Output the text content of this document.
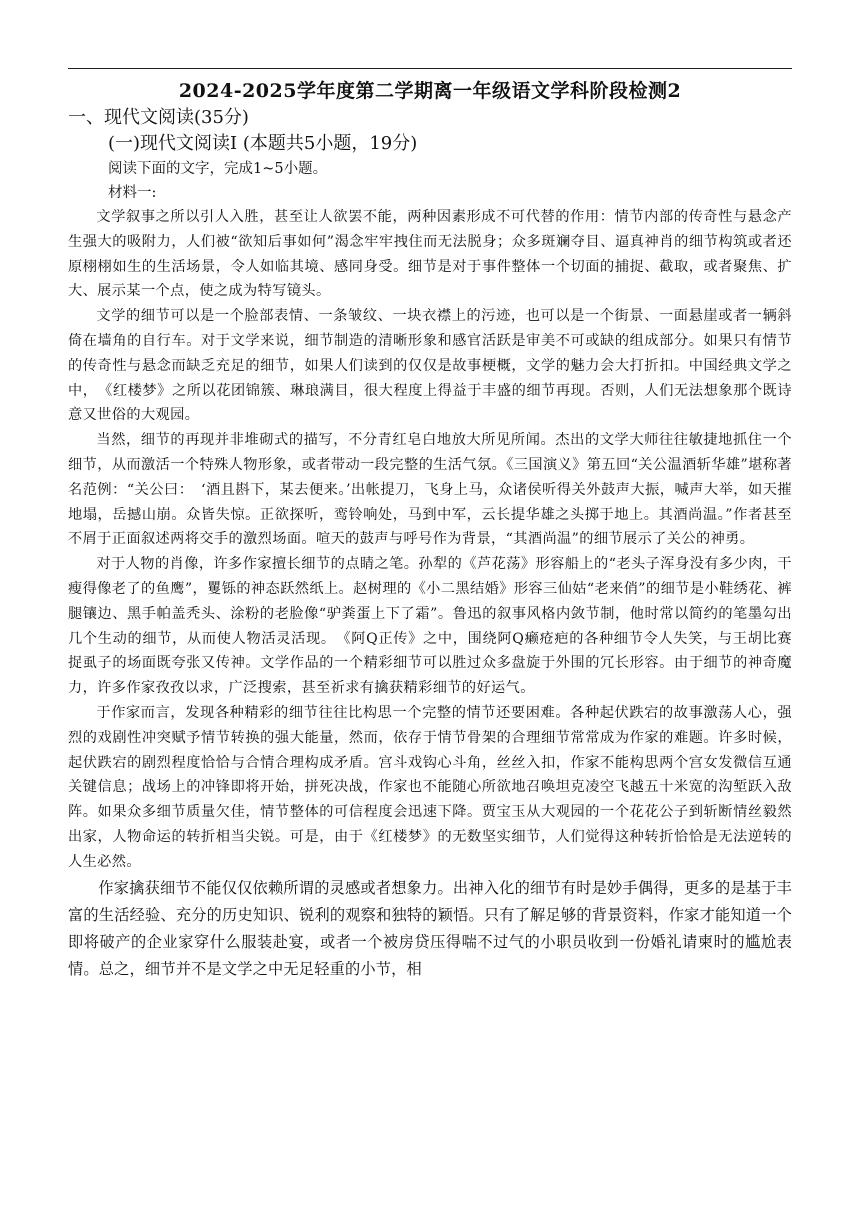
2024-2025学年度第二学期离一年级语文学科阶段检测2

一、现代文阅读(35分)

(一)现代文阅读Ⅰ (本题共5小题，19分)

阅读下面的文字，完成1~5小题。

材料一:

文学叙事之所以引人入胜，甚至让人欲罢不能，两种因素形成不可代替的作用：情节内部的传奇性与悬念产生强大的吸附力，人们被“欲知后事如何”渴念牢牢拽住而无法脱身；众多斑斓夺目、逼真神肖的细节构筑或者还原栩栩如生的生活场景，令人如临其境、感同身受。细节是对于事件整体一个切面的捕捉、截取，或者聚焦、扩大、展示某一个点，使之成为特写镜头。

文学的细节可以是一个脸部表情、一条皱纹、一块衣襟上的污迹，也可以是一个街景、一面悬崖或者一辆斜倚在墙角的自行车。对于文学来说，细节制造的清晰形象和感官活跃是审美不可或缺的组成部分。如果只有情节的传奇性与悬念而缺乏充足的细节，如果人们读到的仅仅是故事梗概，文学的魅力会大打折扣。中国经典文学之中，　《红楼梦》之所以花团锦簇、琳琅满目，很大程度上得益于丰盛的细节再现。否则，人们无法想象那个既诗意又世俗的大观园。

当然，细节的再现并非堆砌式的描写，不分青红皂白地放大所见所闻。杰出的文学大师往往敏捷地抓住一个细节，从而激活一个特殊人物形象，或者带动一段完整的生活气氛。《三国演义》第五回“关公温酒斩华雄”堪称著名范例：“关公曰：　‘酒且斟下，某去便来。’出帐提刀，飞身上马，众诸侯听得关外鼓声大振，喊声大举，如天摧地塌，岳撼山崩。众皆失惊。正欲探听，鸾铃响处，马到中军，云长提华雄之头掷于地上。其酒尚温。”作者甚至不屑于正面叙述两将交手的激烈场面。喧天的鼓声与呼号作为背景，“其酒尚温”的细节展示了关公的神勇。

对于人物的肖像，许多作家擅长细节的点睛之笔。孙犁的《芦花荡》形容船上的“老头子浑身没有多少肉，干瘦得像老了的鱼鹰”，矍铄的神态跃然纸上。赵树理的《小二黑结婚》形容三仙姑“老来俏”的细节是小鞋绣花、裤腿镶边、黑手帕盖秃头、涂粉的老脸像“驴粪蛋上下了霜”。鲁迅的叙事风格内敛节制，他时常以简约的笔墨勾出几个生动的细节，从而使人物活灵活现。　《阿Q正传》之中，围绕阿Q癞疮疤的各种细节令人失笑，与王胡比赛捉虱子的场面既夸张又传神。文学作品的一个精彩细节可以胜过众多盘旋于外围的冗长形容。由于细节的神奇魔力，许多作家孜孜以求，广泛搜索，甚至祈求有擒获精彩细节的好运气。

于作家而言，发现各种精彩的细节往往比构思一个完整的情节还要困难。各种起伏跌宕的故事激荡人心，强烈的戏剧性冲突赋予情节转换的强大能量，然而，依存于情节骨架的合理细节常常成为作家的难题。许多时候，起伏跌宕的剧烈程度恰恰与合情合理构成矛盾。宫斗戏钩心斗角，丝丝入扣，作家不能构思两个宫女发微信互通关键信息；战场上的冲锋即将开始，拼死决战，作家也不能随心所欲地召唤坦克凌空飞越五十米宽的沟堑跃入敌阵。如果众多细节质量欠佳，情节整体的可信程度会迅速下降。贾宝玉从大观园的一个花花公子到斩断情丝毅然出家，人物命运的转折相当尖锐。可是，由于《红楼梦》的无数坚实细节，人们觉得这种转折恰恰是无法逆转的人生必然。

作家擒获细节不能仅仅依赖所谓的灵感或者想象力。出神入化的细节有时是妙手偶得，更多的是基于丰富的生活经验、充分的历史知识、锐利的观察和独特的颖悟。只有了解足够的背景资料，作家才能知道一个即将破产的企业家穿什么服装赴宴，或者一个被房贷压得喘不过气的小职员收到一份婚礼请柬时的尴尬表情。总之，细节并不是文学之中无足轻重的小节，相
